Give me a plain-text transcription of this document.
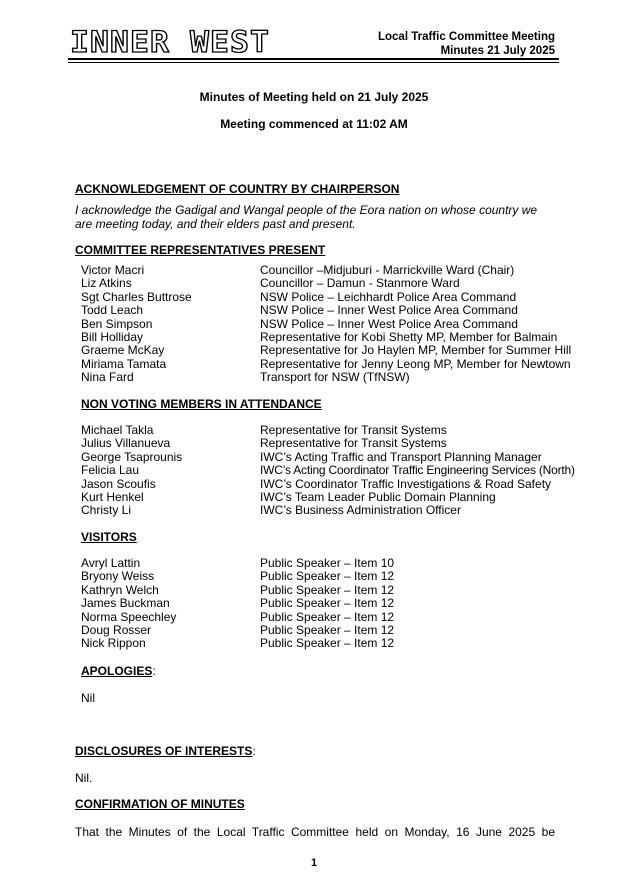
INNER WEST	Local Traffic Committee Meeting
Minutes 21 July 2025
Minutes of Meeting held on 21 July 2025
Meeting commenced at 11:02 AM
ACKNOWLEDGEMENT OF COUNTRY BY CHAIRPERSON
I acknowledge the Gadigal and Wangal people of the Eora nation on whose country we are meeting today, and their elders past and present.
COMMITTEE REPRESENTATIVES PRESENT
Victor Macri	Councillor –Midjuburi - Marrickville Ward (Chair)
Liz Atkins	Councillor – Damun - Stanmore Ward
Sgt Charles Buttrose	NSW Police – Leichhardt Police Area Command
Todd Leach	NSW Police – Inner West Police Area Command
Ben Simpson	NSW Police – Inner West Police Area Command
Bill Holliday	Representative for Kobi Shetty MP, Member for Balmain
Graeme McKay	Representative for Jo Haylen MP, Member for Summer Hill
Miriama Tamata	Representative for Jenny Leong MP, Member for Newtown
Nina Fard	Transport for NSW (TfNSW)
NON VOTING MEMBERS IN ATTENDANCE
Michael Takla	Representative for Transit Systems
Julius Villanueva	Representative for Transit Systems
George Tsaprounis	IWC’s Acting Traffic and Transport Planning Manager
Felicia Lau	IWC’s Acting Coordinator Traffic Engineering Services (North)
Jason Scoufis	IWC’s Coordinator Traffic Investigations & Road Safety
Kurt Henkel	IWC’s Team Leader Public Domain Planning
Christy Li	IWC’s Business Administration Officer
VISITORS
Avryl Lattin	Public Speaker – Item 10
Bryony Weiss	Public Speaker – Item 12
Kathryn Welch	Public Speaker – Item 12
James Buckman	Public Speaker – Item 12
Norma Speechley	Public Speaker – Item 12
Doug Rosser	Public Speaker – Item 12
Nick Rippon	Public Speaker – Item 12
APOLOGIES:
Nil
DISCLOSURES OF INTERESTS:
Nil.
CONFIRMATION OF MINUTES
That the Minutes of the Local Traffic Committee held on Monday, 16 June 2025 be
1
